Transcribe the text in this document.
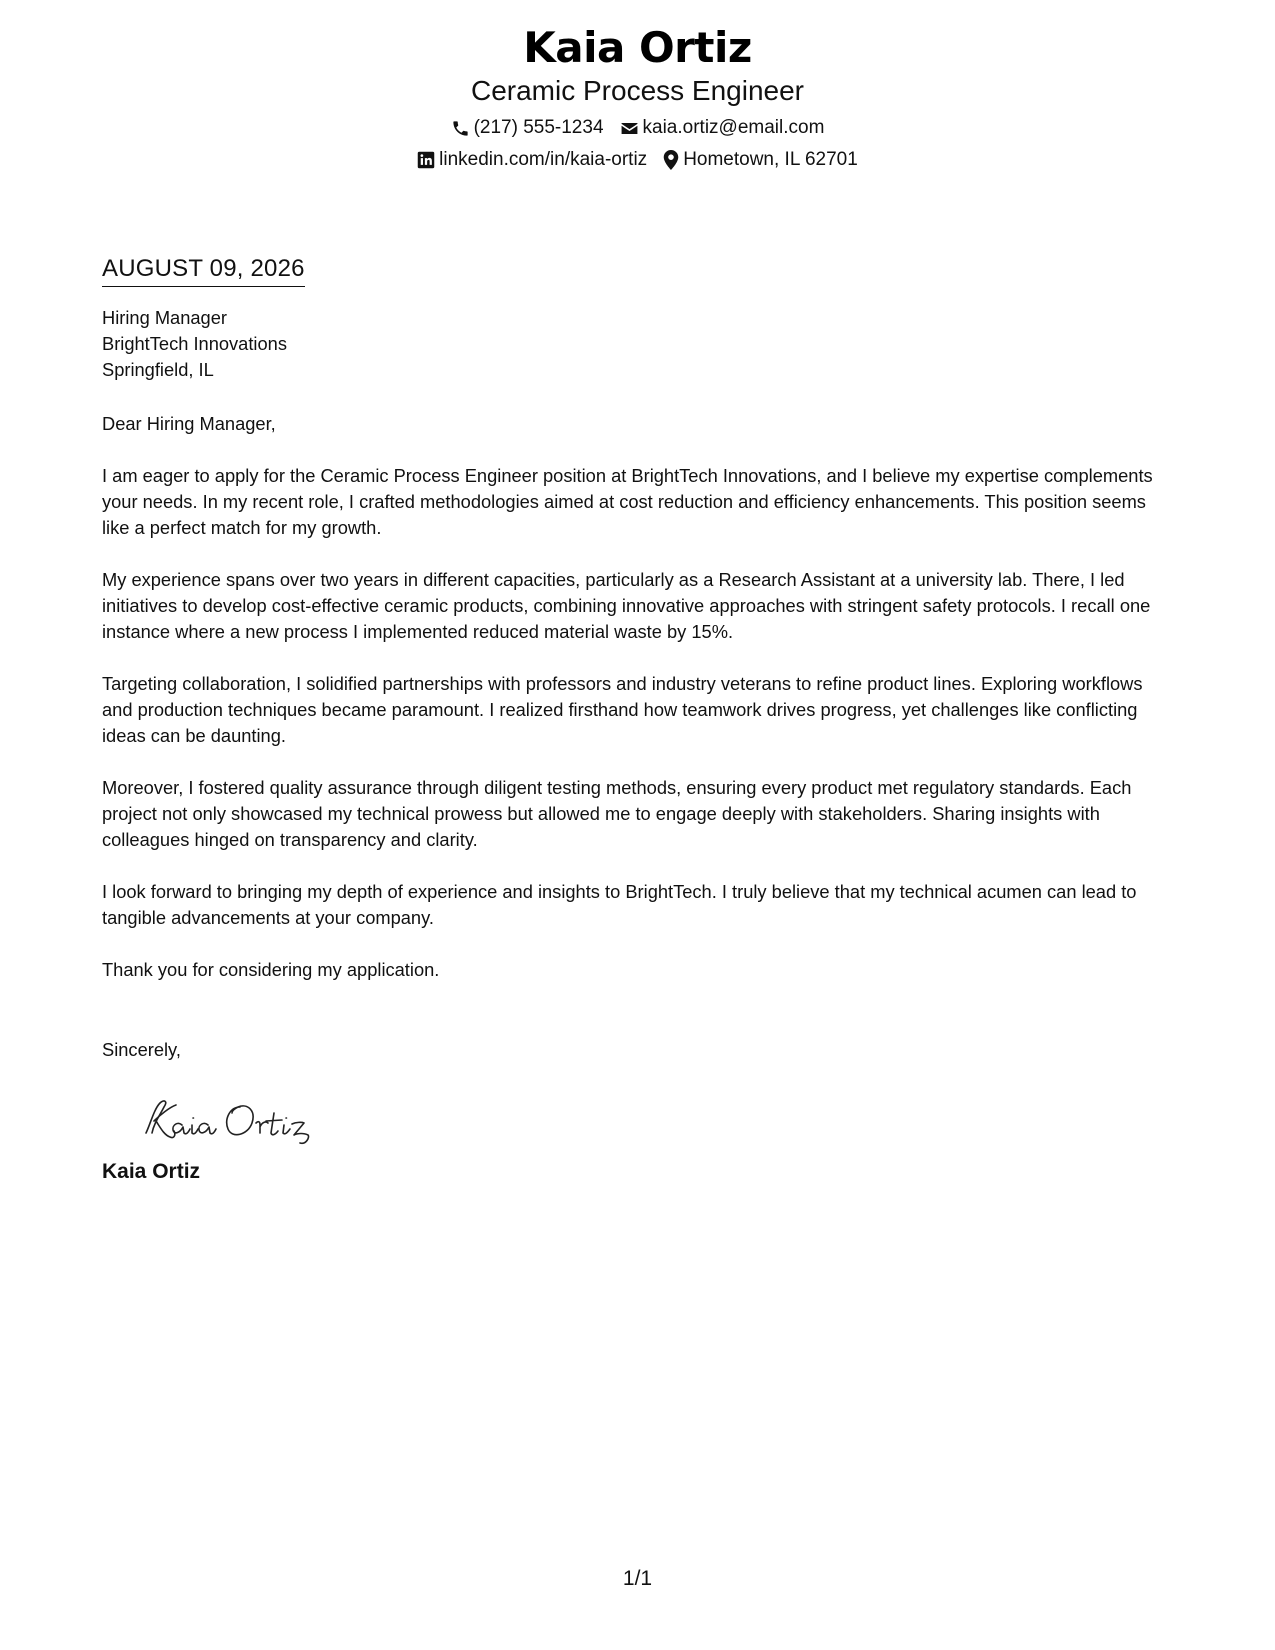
Kaia Ortiz
Ceramic Process Engineer
(217) 555-1234 kaia.ortiz@email.com
linkedin.com/in/kaia-ortiz Hometown, IL 62701
AUGUST 09, 2026
Hiring Manager
BrightTech Innovations
Springfield, IL
Dear Hiring Manager,
I am eager to apply for the Ceramic Process Engineer position at BrightTech Innovations, and I believe my expertise complements your needs. In my recent role, I crafted methodologies aimed at cost reduction and efficiency enhancements. This position seems like a perfect match for my growth.
My experience spans over two years in different capacities, particularly as a Research Assistant at a university lab. There, I led initiatives to develop cost-effective ceramic products, combining innovative approaches with stringent safety protocols. I recall one instance where a new process I implemented reduced material waste by 15%.
Targeting collaboration, I solidified partnerships with professors and industry veterans to refine product lines. Exploring workflows and production techniques became paramount. I realized firsthand how teamwork drives progress, yet challenges like conflicting ideas can be daunting.
Moreover, I fostered quality assurance through diligent testing methods, ensuring every product met regulatory standards. Each project not only showcased my technical prowess but allowed me to engage deeply with stakeholders. Sharing insights with colleagues hinged on transparency and clarity.
I look forward to bringing my depth of experience and insights to BrightTech. I truly believe that my technical acumen can lead to tangible advancements at your company.
Thank you for considering my application.
Sincerely,
Kaia Ortiz
1/1
